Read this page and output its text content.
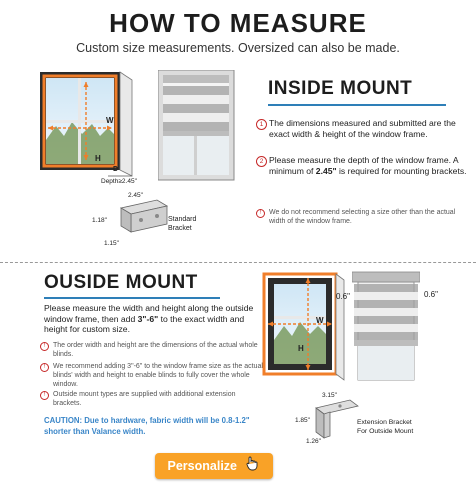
HOW TO MEASURE
Custom size measurements. Oversized can also be made.
W
H
D
Depth≥2.45"
2.45"
1.18"
1.15"
Standard Bracket
INSIDE MOUNT
1 The dimensions measured and submitted are the exact width & height of the window frame.
2 Please measure the depth of the window frame. A minimum of 2.45" is required for mounting brackets.
!	We do not recommend selecting a size other than the actual width of the window frame.
OUSIDE MOUNT
Please measure the width and height along the outside window frame, then add 3"-6" to the exact width and height for custom size.
!	The order width and height are the dimensions of the actual whole blinds.
!	We recommend adding 3"-6" to the window frame size as the actual blinds' width and height to enable blinds to fully cover the whole window.
!	Outside mount types are supplied with additional extension brackets.
CAUTION: Due to hardware, fabric width will be 0.8-1.2" shorter than Valance width.
W
H
0.6"	0.6"
3.15"
1.85"
1.26"
Extension Bracket For Outside Mount
Personalize
